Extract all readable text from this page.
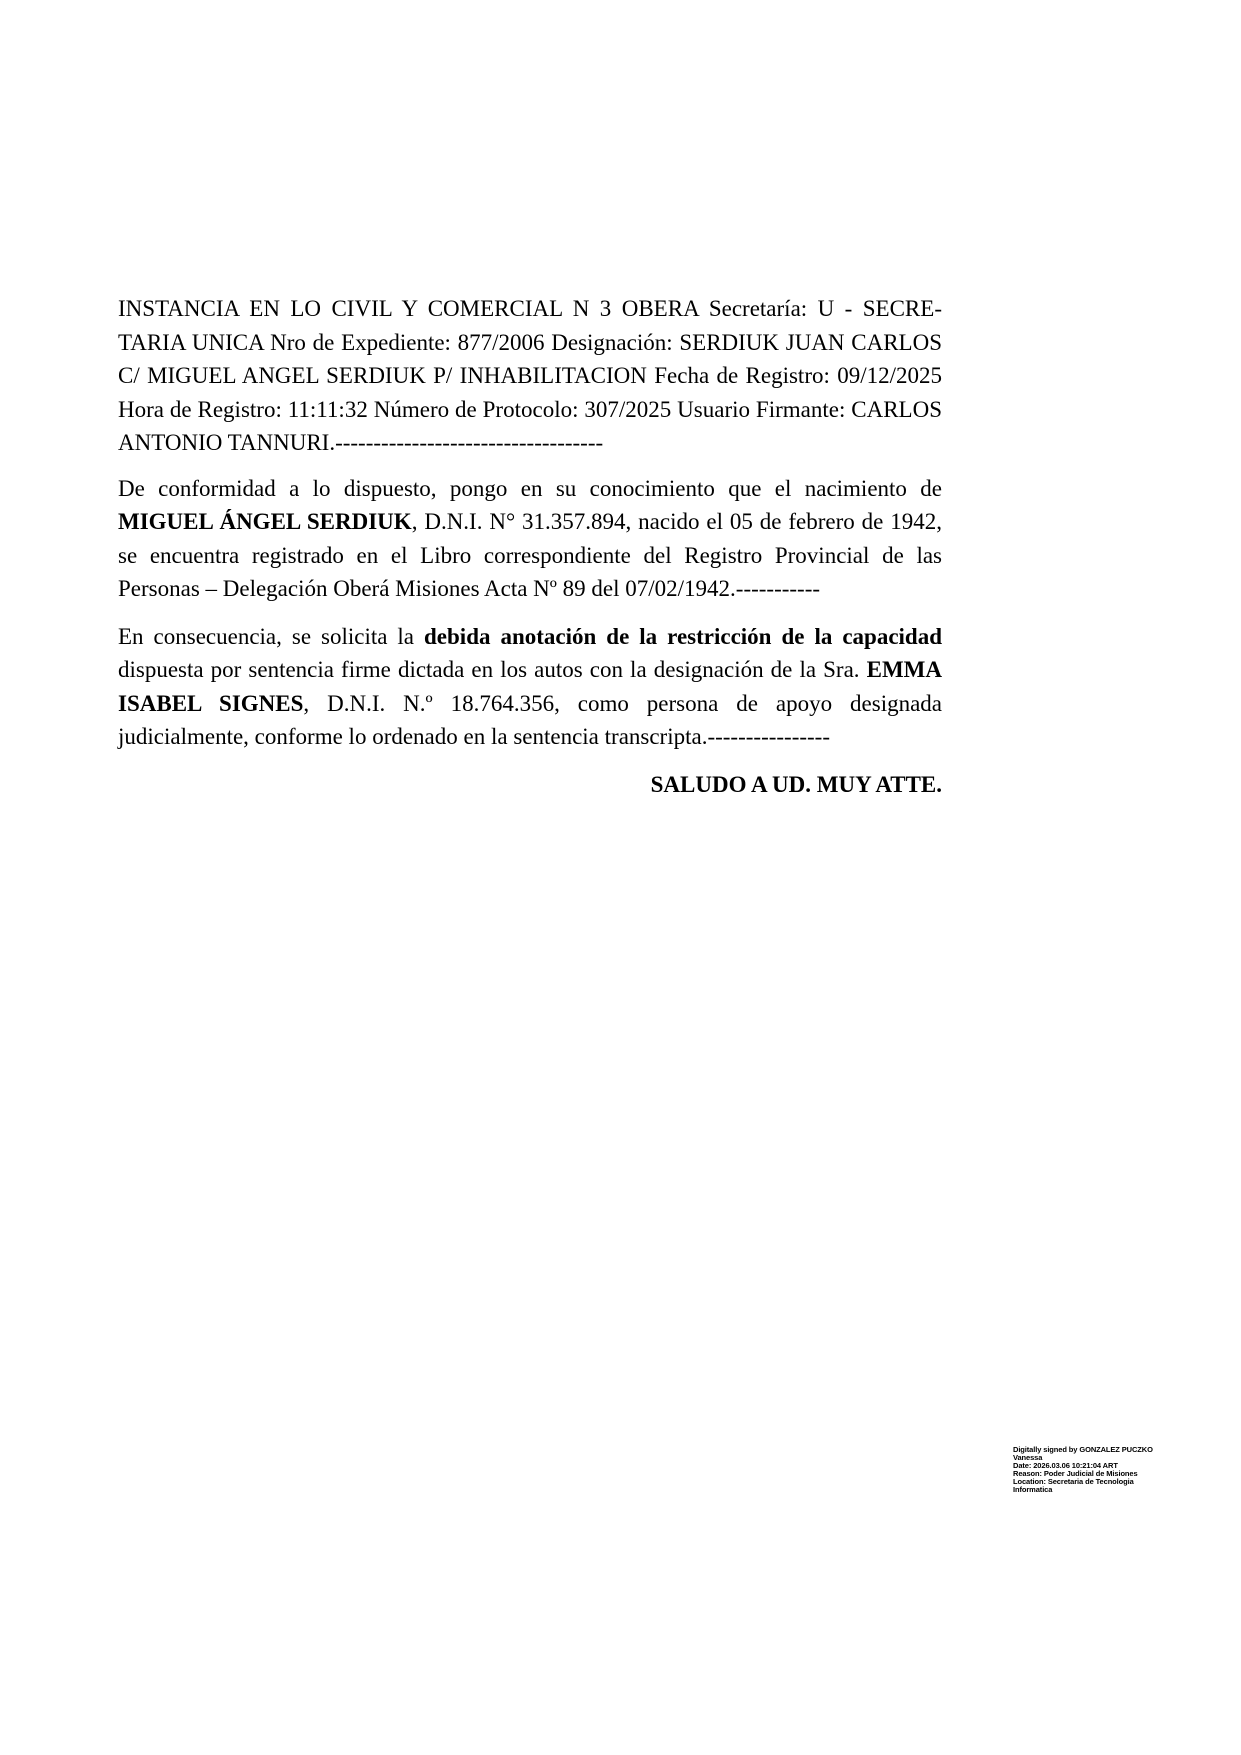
INSTANCIA EN LO CIVIL Y COMERCIAL N 3 OBERA Secretaría: U - SECRETARIA UNICA Nro de Expediente: 877/2006 Designación: SERDIUK JUAN CARLOS C/ MIGUEL ANGEL SERDIUK P/ INHABILITACION Fecha de Registro: 09/12/2025 Hora de Registro: 11:11:32 Número de Protocolo: 307/2025 Usuario Firmante: CARLOS ANTONIO TANNURI.-----------------------------------

De conformidad a lo dispuesto, pongo en su conocimiento que el nacimiento de MIGUEL ÁNGEL SERDIUK, D.N.I. N° 31.357.894, nacido el 05 de febrero de 1942, se encuentra registrado en el Libro correspondiente del Registro Provincial de las Personas – Delegación Oberá Misiones Acta Nº 89 del 07/02/1942.-----------

En consecuencia, se solicita la debida anotación de la restricción de la capacidad dispuesta por sentencia firme dictada en los autos con la designación de la Sra. EMMA ISABEL SIGNES, D.N.I. N.º 18.764.356, como persona de apoyo designada judicialmente, conforme lo ordenado en la sentencia transcripta.----------------

SALUDO A UD. MUY ATTE.

Digitally signed by GONZALEZ PUCZKO
Vanessa
Date: 2026.03.06 10:21:04 ART
Reason: Poder Judicial de Misiones
Location: Secretaria de Tecnologia
Informatica
